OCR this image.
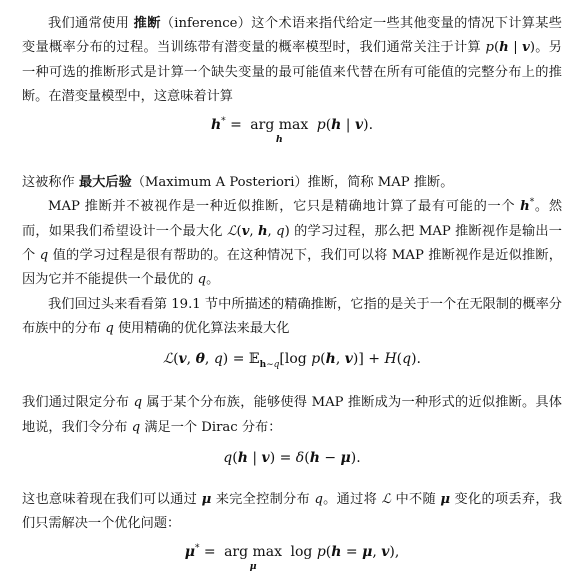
我们通常使用 推断（inference）这个术语来指代给定一些其他变量的情况下计算某些变量概率分布的过程。当训练带有潜变量的概率模型时，我们通常关注于计算 p(h | v)。另一种可选的推断形式是计算一个缺失变量的最可能值来代替在所有可能值的完整分布上的推断。在潜变量模型中，这意味着计算

h* = arg max
h
p(h | v).

这被称作 最大后验（Maximum A Posteriori）推断，简称 MAP 推断。

MAP 推断并不被视作是一种近似推断，它只是精确地计算了最有可能的一个 h*。然而，如果我们希望设计一个最大化 ℒ(v, h, q) 的学习过程，那么把 MAP 推断视作是输出一个 q 值的学习过程是很有帮助的。在这种情况下，我们可以将 MAP 推断视作是近似推断，因为它并不能提供一个最优的 q。

我们回过头来看看第 19.1 节中所描述的精确推断，它指的是关于一个在无限制的概率分布族中的分布 q 使用精确的优化算法来最大化

ℒ(v, θ, q) = 𝔼$_{h\sim q}$[log p(h, v)] + H(q).

我们通过限定分布 q 属于某个分布族，能够使得 MAP 推断成为一种形式的近似推断。具体地说，我们令分布 q 满足一个 Dirac 分布：

q(h | v) = δ(h − μ).

这也意味着现在我们可以通过 μ 来完全控制分布 q。通过将 ℒ 中不随 μ 变化的项丢弃，我们只需解决一个优化问题：

μ* = arg max
μ
log p(h = μ, v),
